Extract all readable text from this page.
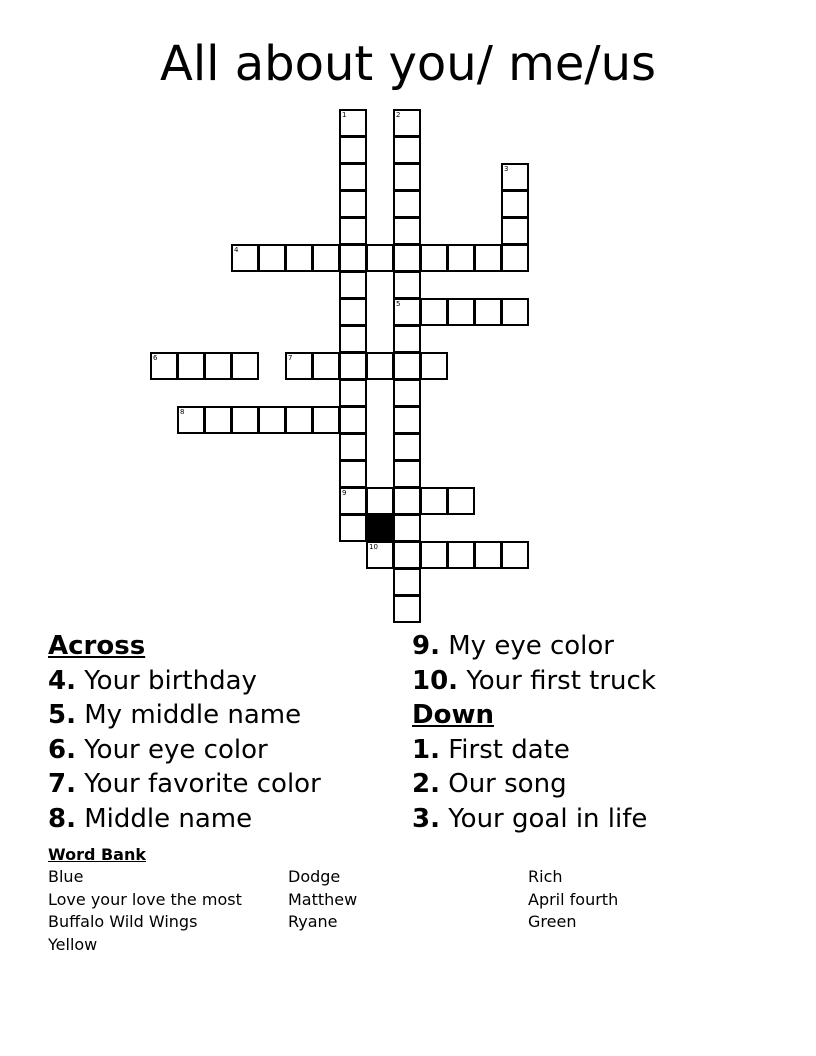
All about you/ me/us
1
9
2
5
3
4
6	7
8
10
Across
4. Your birthday
5. My middle name
6. Your eye color
7. Your favorite color
8. Middle name
9. My eye color
10. Your first truck
Down
1. First date
2. Our song
3. Your goal in life
Word Bank
Blue
Love your love the most
Buffalo Wild Wings
Yellow
Dodge
Matthew
Ryane
Rich
April fourth
Green
